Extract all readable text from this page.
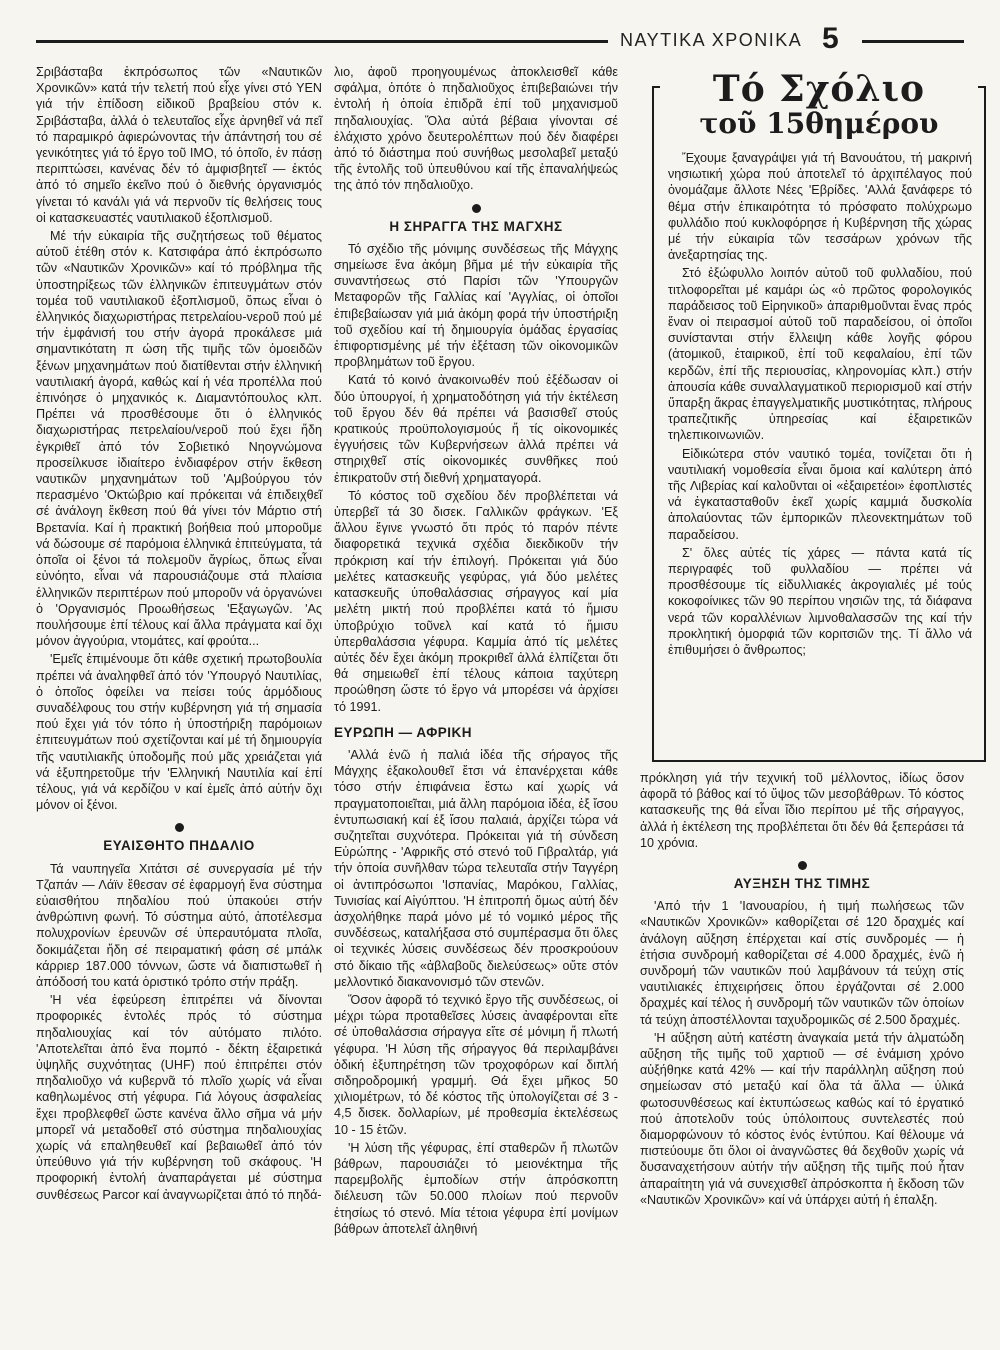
ΝΑΥΤΙΚΑ ΧΡΟΝΙΚΑ 5

Σριβάσταβα ἐκπρόσωπος τῶν «Ναυτικῶν Χρονικῶν» κατά τήν τελετή πού εἶχε γίνει στό ΥΕΝ γιά τήν ἐπίδοση εἰδικοῦ βραβείου στόν κ. Σριβάσταβα, ἀλλά ὁ τελευταῖος εἶχε ἀρνηθεῖ νά πεῖ τό παραμικρό ἀφιερώνοντας τήν ἀπάντησή του σέ γενικότητες γιά τό ἔργο τοῦ ΙΜΟ, τό ὁποῖο, ἐν πάσῃ περιπτώσει, κανένας δέν τό ἀμφισβητεῖ — ἐκτός ἀπό τό σημεῖο ἐκεῖνο πού ὁ διεθνής ὀργανισμός γίνεται τό κανάλι γιά νά περνοῦν τίς θελήσεις τους οἱ κατασκευαστές ναυτιλιακοῦ ἐξοπλισμοῦ.

Μέ τήν εὐκαιρία τῆς συζητήσεως τοῦ θέματος αὐτοῦ ἐτέθη στόν κ. Κατσιφάρα ἀπό ἐκπρόσωπο τῶν «Ναυτικῶν Χρονικῶν» καί τό πρόβλημα τῆς ὑποστηρίξεως τῶν ἑλληνικῶν ἐπιτευγμάτων στόν τομέα τοῦ ναυτιλιακοῦ ἐξοπλισμοῦ, ὅπως εἶναι ὁ ἑλληνικός διαχωριστήρας πετρελαίου-νεροῦ πού μέ τήν ἐμφάνισή του στήν ἀγορά προκάλεσε μιά σημαντικότατη π ώση τῆς τιμῆς τῶν ὁμοειδῶν ξένων μηχανημάτων πού διατίθενται στήν ἑλληνική ναυτιλιακή ἀγορά, καθώς καί ἡ νέα προπέλλα πού ἐπινόησε ὁ μηχανικός κ. Διαμαντόπουλος κλπ. Πρέπει νά προσθέσουμε ὅτι ὁ ἑλληνικός διαχωριστήρας πετρελαίου/νεροῦ πού ἔχει ἤδη ἐγκριθεῖ ἀπό τόν Σοβιετικό Νηογνώμονα προσείλκυσε ἰδιαίτερο ἐνδιαφέρον στήν ἔκθεση ναυτικῶν μηχανημάτων τοῦ 'Αμβούργου τόν περασμένο 'Οκτώβριο καί πρόκειται νά ἐπιδειχθεῖ σέ ἀνάλογη ἔκθεση πού θά γίνει τόν Μάρτιο στή Βρετανία. Καί ἡ πρακτική βοήθεια πού μποροῦμε νά δώσουμε σέ παρόμοια ἑλληνικά ἐπιτεύγματα, τά ὁποῖα οἱ ξένοι τά πολεμοῦν ἄγρίως, ὅπως εἶναι εὐνόητο, εἶναι νά παρουσιάζουμε στά πλαίσια ἑλληνικῶν περιπτέρων πού μποροῦν νά ὀργανώνει ὁ 'Οργανισμός Προωθήσεως 'Εξαγωγῶν. 'Ας πουλήσουμε ἐπί τέλους καί ἄλλα πράγματα καί ὄχι μόνον ἀγγούρια, ντομάτες, καί φρούτα...

'Εμεῖς ἐπιμένουμε ὅτι κάθε σχετική πρωτοβουλία πρέπει νά ἀναληφθεῖ ἀπό τόν 'Υπουργό Ναυτιλίας, ὁ ὁποῖος ὀφείλει να πείσει τούς ἁρμόδιους συναδέλφους του στήν κυβέρνηση γιά τή σημασία πού ἔχει γιά τόν τόπο ἡ ὑποστήριξη παρόμοιων ἐπιτευγμάτων πού σχετίζονται καί μέ τή δημιουργία τῆς ναυτιλιακῆς ὑποδομῆς πού μᾶς χρειάζεται γιά νά ἐξυπηρετοῦμε τήν 'Ελληνική Ναυτιλία καί ἐπί τέλους, γιά νά κερδίζου ν καί ἐμεῖς ἀπό αὐτήν ὄχι μόνον οἱ ξένοι.

ΕΥΑΙΣΘΗΤΟ ΠΗΔΑΛΙΟ

Τά ναυπηγεῖα Χιτάτσι σέ συνεργασία μέ τήν Τζαπάν — Λάϊν ἔθεσαν σέ ἐφαρμογή ἕνα σύστημα εὐαισθήτου πηδαλίου πού ὑπακούει στήν ἀνθρώπινη φωνή. Τό σύστημα αὐτό, ἀποτέλεσμα πολυχρονίων ἐρευνῶν σέ ὑπεραυτόματα πλοῖα, δοκιμάζεται ἤδη σέ πειραματική φάση σέ μπάλκ κάρριερ 187.000 τόννων, ὥστε νά διαπιστωθεῖ ἡ ἀπόδοσή του κατά ὁριστικό τρόπο στήν πράξη.

'Η νέα ἐφεύρεση ἐπιτρέπει νά δίνονται προφορικές ἐντολές πρός τό σύστημα πηδαλιουχίας καί τόν αὐτόματο πιλότο. 'Αποτελεῖται ἀπό ἕνα πομπό - δέκτη ἐξαιρετικά ὑψηλῆς συχνότητας (UHF) πού ἐπιτρέπει στόν πηδαλιοῦχο νά κυβερνᾶ τό πλοῖο χωρίς νά εἶναι καθηλωμένος στή γέφυρα. Γιά λόγους ἀσφαλείας ἔχει προβλεφθεῖ ὥστε κανένα ἄλλο σῆμα νά μήν μπορεῖ νά μεταδοθεῖ στό σύστημα πηδαλιουχίας χωρίς νά επαληθευθεῖ καί βεβαιωθεῖ ἀπό τόν ὑπεύθυνο γιά τήν κυβέρνηση τοῦ σκάφους. 'Η προφορική ἐντολή ἀναπαράγεται μέ σύστημα συνθέσεως Parcor καί ἀναγνωρίζεται ἀπό τό πηδά-

λιο, ἀφοῦ προηγουμένως ἀποκλεισθεῖ κάθε σφάλμα, ὁπότε ὁ πηδαλιοῦχος ἐπιβεβαιώνει τήν ἐντολή ἡ ὁποία ἐπιδρᾶ ἐπί τοῦ μηχανισμοῦ πηδαλιουχίας. Ὅλα αὐτά βέβαια γίνονται σέ ἐλάχιστο χρόνο δευτερολέπτων πού δέν διαφέρει ἀπό τό διάστημα πού συνήθως μεσολαβεῖ μεταξύ τῆς ἐντολῆς τοῦ ὑπευθύνου καί τῆς ἐπαναλήψεώς της ἀπό τόν πηδαλιοῦχο.

Η ΣΗΡΑΓΓΑ ΤΗΣ ΜΑΓΧΗΣ

Τό σχέδιο τῆς μόνιμης συνδέσεως τῆς Μάγχης σημείωσε ἕνα ἀκόμη βῆμα μέ τήν εὐκαιρία τῆς συναντήσεως στό Παρίσι τῶν 'Υπουργῶν Μεταφορῶν τῆς Γαλλίας καί 'Αγγλίας, οἱ ὁποῖοι ἐπιβεβαίωσαν γιά μιά ἀκόμη φορά τήν ὑποστήριξη τοῦ σχεδίου καί τή δημιουργία ὁμάδας ἐργασίας ἐπιφορτισμένης μέ τήν ἐξέταση τῶν οἰκονομικῶν προβλημάτων τοῦ ἔργου.

Κατά τό κοινό ἀνακοινωθέν πού ἐξέδωσαν οἱ δύο ὑπουργοί, ἡ χρηματοδότηση γιά τήν ἐκτέλεση τοῦ ἔργου δέν θά πρέπει νά βασισθεῖ στούς κρατικούς προϋπολογισμούς ἤ τίς οἰκονομικές ἐγγυήσεις τῶν Κυβερνήσεων ἀλλά πρέπει νά στηριχθεῖ στίς οἰκονομικές συνθῆκες πού ἐπικρατοῦν στή διεθνή χρηματαγορά.

Τό κόστος τοῦ σχεδίου δέν προβλέπεται νά ὑπερβεῖ τά 30 δισεκ. Γαλλικῶν φράγκων. 'Εξ ἄλλου ἔγινε γνωστό ὅτι πρός τό παρόν πέντε διαφορετικά τεχνικά σχέδια διεκδικοῦν τήν πρόκριση καί τήν ἐπιλογή. Πρόκειται γιά δύο μελέτες κατασκευῆς γεφύρας, γιά δύο μελέτες κατασκευῆς ὑποθαλάσσιας σήραγγος καί μία μελέτη μικτή πού προβλέπει κατά τό ἥμισυ ὑποβρύχιο τοῦνελ καί κατά τό ἥμισυ ὑπερθαλάσσια γέφυρα. Καμμία ἀπό τίς μελέτες αὐτές δέν ἔχει ἀκόμη προκριθεῖ ἀλλά ἐλπίζεται ὅτι θά σημειωθεῖ ἐπί τέλους κάποια ταχύτερη προώθηση ὥστε τό ἔργο νά μπορέσει νά ἀρχίσει τό 1991.

ΕΥΡΩΠΗ — ΑΦΡΙΚΗ

'Αλλά ἐνῶ ἡ παλιά ἰδέα τῆς σήραγος τῆς Μάγχης ἐξακολουθεῖ ἔτσι νά ἐπανέρχεται κάθε τόσο στήν ἐπιφάνεια ἔστω καί χωρίς νά πραγματοποιεῖται, μιά ἄλλη παρόμοια ἰδέα, ἐξ ἴσου ἐντυπωσιακή καί ἐξ ἴσου παλαιά, ἀρχίζει τώρα νά συζητεῖται συχνότερα. Πρόκειται γιά τή σύνδεση Εὐρώπης - 'Αφρικῆς στό στενό τοῦ Γιβραλτάρ, γιά τήν ὁποία συνῆλθαν τώρα τελευταῖα στήν Ταγγέρη οἱ ἀντιπρόσωποι 'Ισπανίας, Μαρόκου, Γαλλίας, Τυνισίας καί Αἰγύπτου. 'Η ἐπιτροπή ὅμως αὐτή δέν ἀσχολήθηκε παρά μόνο μέ τό νομικό μέρος τῆς συνδέσεως, καταλήξασα στό συμπέρασμα ὅτι ὅλες οἱ τεχνικές λύσεις συνδέσεως δέν προσκρούουν στό δίκαιο τῆς «ἀβλαβοῦς διελεύσεως» οὔτε στόν μελλοντικό διακανονισμό τῶν στενῶν.

Ὅσον ἀφορᾶ τό τεχνικό ἔργο τῆς συνδέσεως, οἱ μέχρι τώρα προταθεῖσες λύσεις ἀναφέρονται εἴτε σέ ὑποθαλάσσια σήραγγα εἴτε σέ μόνιμη ἤ πλωτή γέφυρα. 'Η λύση τῆς σήραγγος θά περιλαμβάνει ὁδική ἐξυπηρέτηση τῶν τροχοφόρων καί διπλή σιδηροδρομική γραμμή. Θά ἔχει μῆκος 50 χιλιομέτρων, τό δέ κόστος τῆς ὑπολογίζεται σέ 3 - 4,5 δισεκ. δολλαρίων, μέ προθεσμία ἐκτελέσεως 10 - 15 ἐτῶν.

'Η λύση τῆς γέφυρας, ἐπί σταθερῶν ἤ πλωτῶν βάθρων, παρουσιάζει τό μειονέκτημα τῆς παρεμβολῆς ἐμποδίων στήν ἀπρόσκοπτη διέλευση τῶν 50.000 πλοίων πού περνοῦν ἐτησίως τό στενό. Μία τέτοια γέφυρα ἐπί μονίμων βάθρων ἀποτελεῖ ἀληθινή

Τό Σχόλιο
τοῦ 15θημέρου

Ἔχουμε ξαναγράψει γιά τή Βανουάτου, τή μακρινή νησιωτική χώρα πού ἀποτελεῖ τό ἀρχιπέλαγος πού ὀνομάζαμε ἄλλοτε Νέες 'Εβρίδες. 'Αλλά ξανάφερε τό θέμα στήν ἐπικαιρότητα τό πρόσφατο πολύχρωμο φυλλάδιο πού κυκλοφόρησε ἡ Κυβέρνηση τῆς χώρας μέ τήν εὐκαιρία τῶν τεσσάρων χρόνων τῆς ἀνεξαρτησίας της.

Στό ἐξώφυλλο λοιπόν αὐτοῦ τοῦ φυλλαδίου, πού τιτλοφορεῖται μέ καμάρι ὡς «ὁ πρῶτος φορολογικός παράδεισος τοῦ Εἰρηνικοῦ» ἀπαριθμοῦνται ἕνας πρός ἕναν οἱ πειρασμοί αὐτοῦ τοῦ παραδείσου, οἱ ὁποῖοι συνίστανται στήν ἔλλειψη κάθε λογῆς φόρου (ἀτομικοῦ, ἑταιρικοῦ, ἐπί τοῦ κεφαλαίου, ἐπί τῶν κερδῶν, ἐπί τῆς περιουσίας, κληρονομίας κλπ.) στήν ἀπουσία κάθε συναλλαγματικοῦ περιορισμοῦ καί στήν ὕπαρξη ἄκρας ἐπαγγελματικῆς μυστικότητας, πλήρους τραπεζιτικῆς ὑπηρεσίας καί ἐξαιρετικῶν τηλεπικοινωνιῶν.

Εἰδικώτερα στόν ναυτικό τομέα, τονίζεται ὅτι ἡ ναυτιλιακή νομοθεσία εἶναι ὅμοια καί καλύτερη ἀπό τῆς Λιβερίας καί καλοῦνται οἱ «ἐξαιρετέοι» ἐφοπλιστές νά ἐγκατασταθοῦν ἐκεῖ χωρίς καμμιά δυσκολία ἀπολαύοντας τῶν ἐμπορικῶν πλεονεκτημάτων τοῦ παραδείσου.

Σ' ὅλες αὐτές τίς χάρες — πάντα κατά τίς περιγραφές τοῦ φυλλαδίου — πρέπει νά προσθέσουμε τίς εἰδυλλιακές ἀκρογιαλιές μέ τούς κοκοφοίνικες τῶν 90 περίπου νησιῶν της, τά διάφανα νερά τῶν κοραλλένιων λιμνοθαλασσῶν της καί τήν προκλητική ὀμορφιά τῶν κοριτσιῶν της. Τί ἄλλο νά ἐπιθυμήσει ὁ ἄνθρωπος;

πρόκληση γιά τήν τεχνική τοῦ μέλλοντος, ἰδίως ὅσον ἀφορᾶ τό βάθος καί τό ὕψος τῶν μεσοβάθρων. Τό κόστος κατασκευῆς της θά εἶναι ἴδιο περίπου μέ τῆς σήραγγος, ἀλλά ἡ ἐκτέλεση της προβλέπεται ὅτι δέν θά ξεπεράσει τά 10 χρόνια.

ΑΥΞΗΣΗ ΤΗΣ ΤΙΜΗΣ

'Από τήν 1 'Ιανουαρίου, ἡ τιμή πωλήσεως τῶν «Ναυτικῶν Χρονικῶν» καθορίζεται σέ 120 δραχμές καί ἀνάλογη αὔξηση ἐπέρχεται καί στίς συνδρομές — ἡ ἐτήσια συνδρομή καθορίζεται σέ 4.000 δραχμές, ἐνῶ ἡ συνδρομή τῶν ναυτικῶν πού λαμβάνουν τά τεύχη στίς ναυτιλιακές ἐπιχειρήσεις ὅπου ἐργάζονται σέ 2.000 δραχμές καί τέλος ἡ συνδρομή τῶν ναυτικῶν τῶν ὁποίων τά τεύχη ἀποστέλλονται ταχυδρομικῶς σέ 2.500 δραχμές.

'Η αὔξηση αὐτή κατέστη ἀναγκαία μετά τήν ἀλματώδη αὔξηση τῆς τιμῆς τοῦ χαρτιοῦ — σέ ἐνάμιση χρόνο αὐξήθηκε κατά 42% — καί τήν παράλληλη αὔξηση πού σημείωσαν στό μεταξύ καί ὅλα τά ἄλλα — ὑλικά φωτοσυνθέσεως καί ἐκτυπώσεως καθώς καί τό ἐργατικό πού ἀποτελοῦν τούς ὑπόλοιπους συντελεστές πού διαμορφώνουν τό κόστος ἐνός ἐντύπου. Καί θέλουμε νά πιστεύουμε ὅτι ὅλοι οἱ ἀναγνῶστες θά δεχθοῦν χωρίς νά δυσαναχετήσουν αὐτήν τήν αὔξηση τῆς τιμῆς πού ἦταν ἀπαραίτητη γιά νά συνεχισθεῖ ἀπρόσκοπτα ἡ ἔκδοση τῶν «Ναυτικῶν Χρονικῶν» καί νά ὑπάρχει αὐτή ἡ ἐπαλξη.
